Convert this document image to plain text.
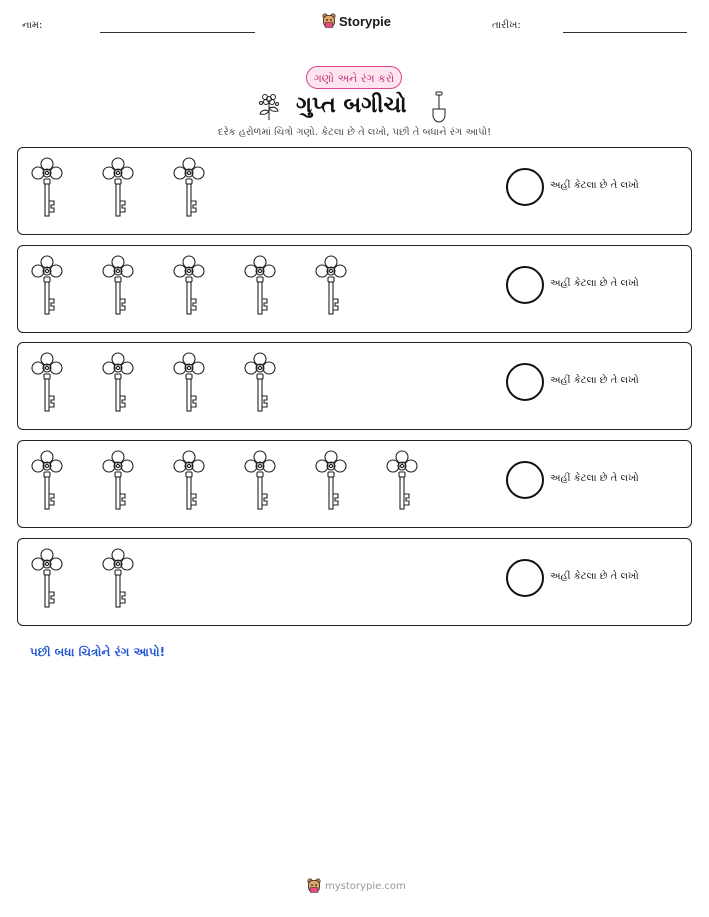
નામ:	Storypie	તારીખ:
ગણો અને રંગ કરો
ગુપ્ત બગીચો
દરેક હરોળમાં ચિત્રો ગણો. કેટલા છે તે લખો, પછી તે બધાને રંગ આપો!
અહીં કેટલા છે તે લખો
અહીં કેટલા છે તે લખો
અહીં કેટલા છે તે લખો
અહીં કેટલા છે તે લખો
અહીં કેટલા છે તે લખો
પછી બધા ચિત્રોને રંગ આપો!
mystorypie.com
